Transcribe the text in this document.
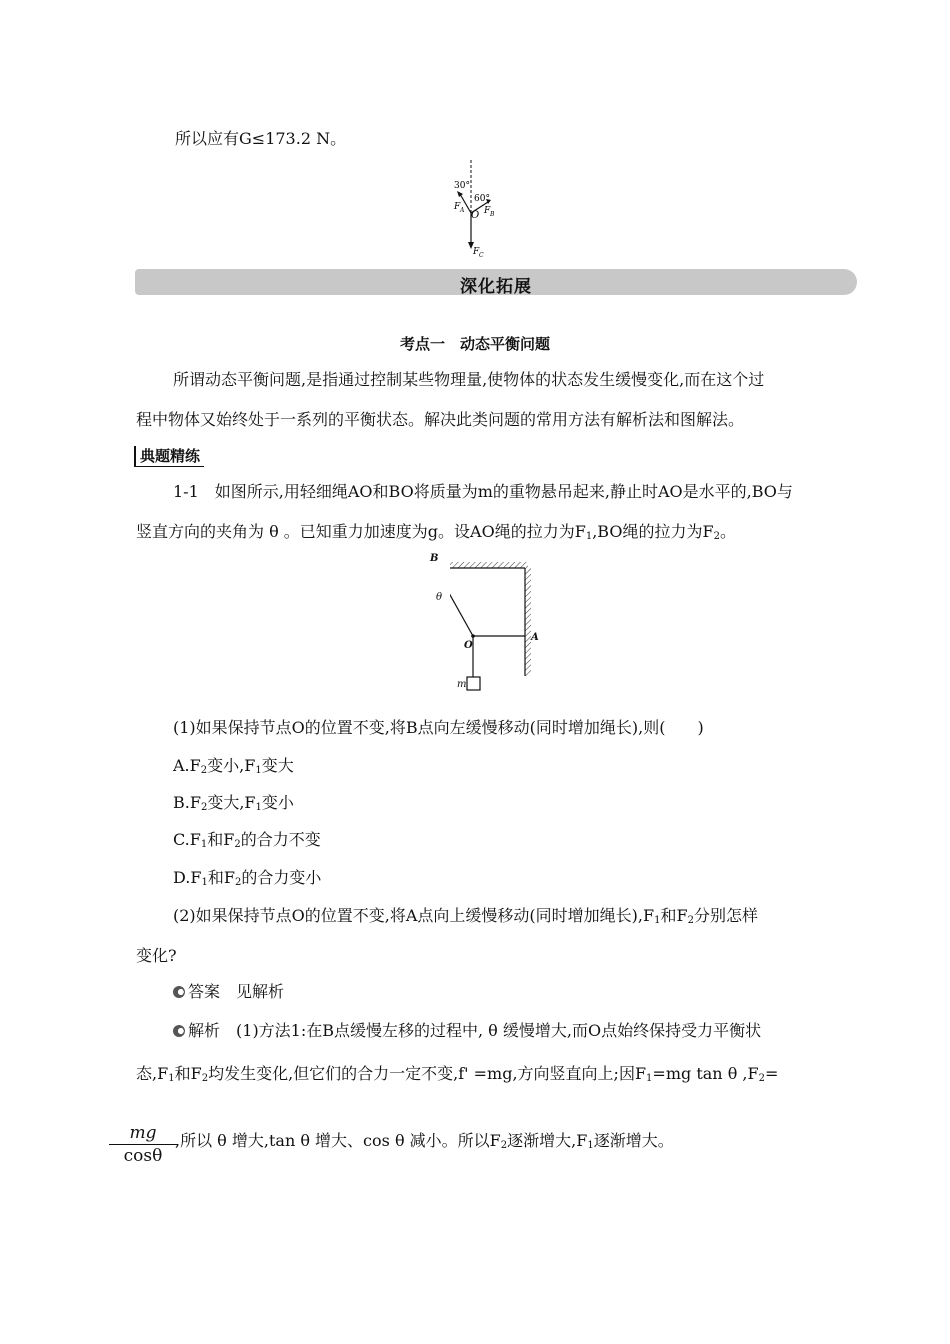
所以应有G≤173.2 N。
30°
60°
F A O F B
F C
深化拓展
考点一　动态平衡问题
所谓动态平衡问题,是指通过控制某些物理量,使物体的状态发生缓慢变化,而在这个过
程中物体又始终处于一系列的平衡状态。解决此类问题的常用方法有解析法和图解法。
典题精练
1-1　如图所示,用轻细绳AO和BO将质量为m的重物悬吊起来,静止时AO是水平的,BO与
竖直方向的夹角为 θ 。已知重力加速度为g。设AO绳的拉力为$F_1,BO$绳的拉力为$F_2$。
B
θ
O
A
m
(1)如果保持节点O的位置不变,将B点向左缓慢移动(同时增加绳长),则(　　)
$A.F_2$变小$,F_1$变大
$B.F_2$变大$,F_1$变小
$C.F_1$和$F_2$的合力不变
$D.F_1$和$F_2$的合力变小
(2)如果保持节点O的位置不变,将A点向上缓慢移动(同时增加绳长)$,F_1$和$F_2$分别怎样
变化?
答案　见解析
解析　(1)方法1:在B点缓慢左移的过程中, θ 缓慢增大,而O点始终保持受力平衡状
态$,F_1$和$F_2$均发生变化,但它们的合力一定不变,f' =mg,方向竖直向上;因$F_1=mg$ tan θ $,F_2=$
mg
cosθ
,所以 θ 增大,tan θ 增大、cos θ 减小。所以$F_2$逐渐增大$,F_1$逐渐增大。
